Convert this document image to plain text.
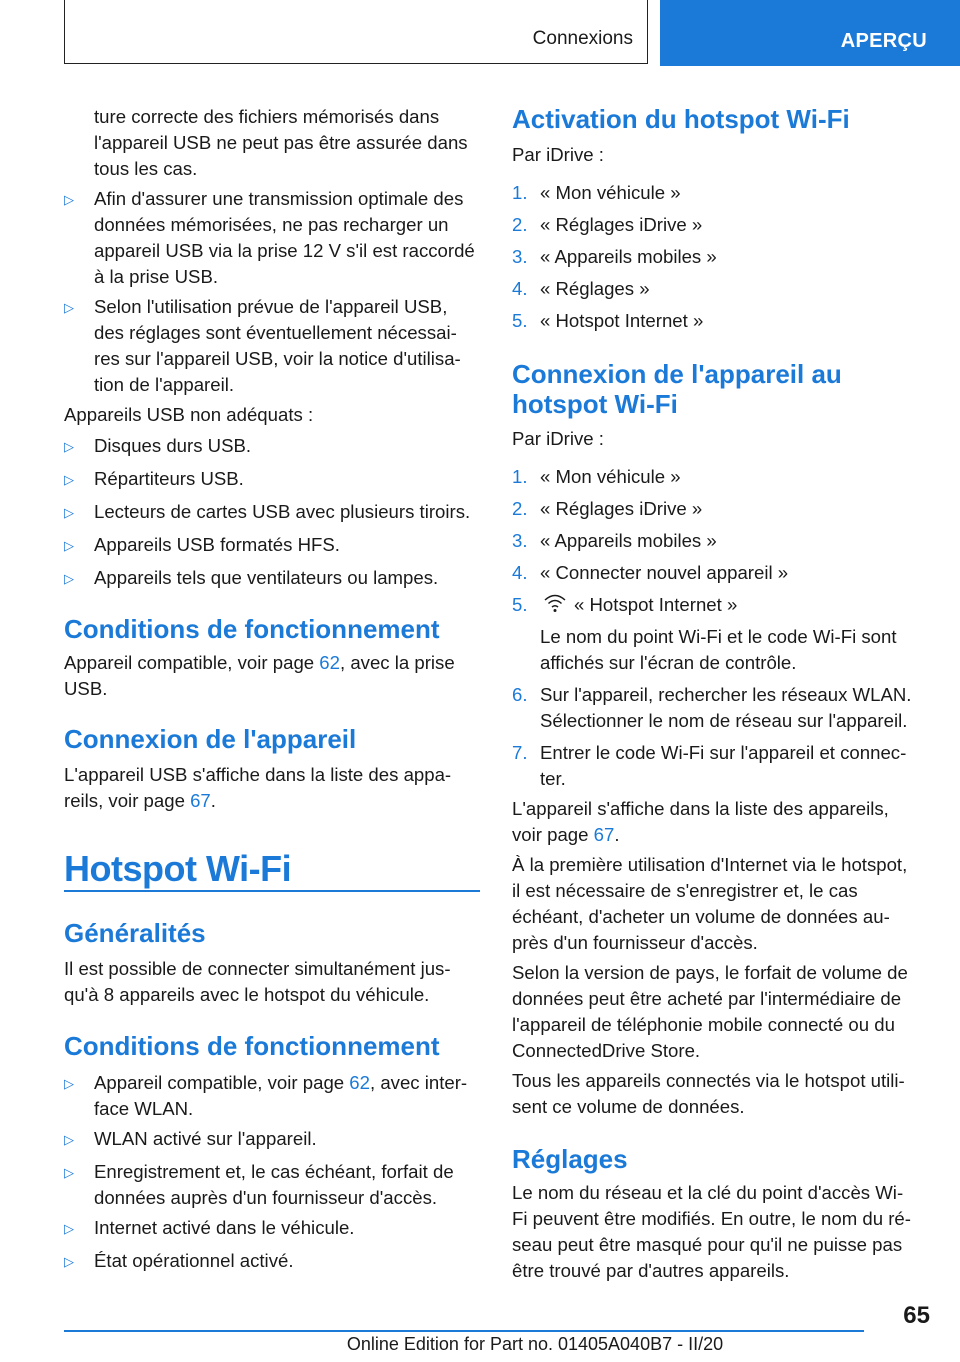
Connexions	APERÇU

ture correcte des fichiers mémorisés dans

l'appareil USB ne peut pas être assurée dans

tous les cas.

▷ Afin d'assurer une transmission optimale des

données mémorisées, ne pas recharger un

appareil USB via la prise 12 V s'il est raccordé

à la prise USB.

▷ Selon l'utilisation prévue de l'appareil USB,

des réglages sont éventuellement nécessai‐

res sur l'appareil USB, voir la notice d'utilisa‐

tion de l'appareil.

Appareils USB non adéquats :

▷ Disques durs USB.

▷ Répartiteurs USB.

▷ Lecteurs de cartes USB avec plusieurs tiroirs.

▷ Appareils USB formatés HFS.

▷ Appareils tels que ventilateurs ou lampes.

Conditions de fonctionnement

Appareil compatible, voir page 62, avec la prise

USB.

Connexion de l'appareil

L'appareil USB s'affiche dans la liste des appa‐

reils, voir page 67.

Hotspot Wi-Fi
Généralités

Il est possible de connecter simultanément jus‐

qu'à 8 appareils avec le hotspot du véhicule.

Conditions de fonctionnement
▷ Appareil compatible, voir page 62, avec inter‐

face WLAN.

▷ WLAN activé sur l'appareil.

▷ Enregistrement et, le cas échéant, forfait de

données auprès d'un fournisseur d'accès.

▷ Internet activé dans le véhicule.

▷ État opérationnel activé.

Activation du hotspot Wi-Fi

Par iDrive :

1. « Mon véhicule »

2. « Réglages iDrive »

3. « Appareils mobiles »

4. « Réglages »

5. « Hotspot Internet »

Connexion de l'appareil au
hotspot Wi-Fi

Par iDrive :

1. « Mon véhicule »

2. « Réglages iDrive »

3. « Appareils mobiles »

4. « Connecter nouvel appareil »

5. « Hotspot Internet »

Le nom du point Wi-Fi et le code Wi-Fi sont

affichés sur l'écran de contrôle.

6. Sur l'appareil, rechercher les réseaux WLAN.

Sélectionner le nom de réseau sur l'appareil.

7. Entrer le code Wi-Fi sur l'appareil et connec‐

ter.

L'appareil s'affiche dans la liste des appareils,

voir page 67.

À la première utilisation d'Internet via le hotspot,

il est nécessaire de s'enregistrer et, le cas

échéant, d'acheter un volume de données au‐

près d'un fournisseur d'accès.

Selon la version de pays, le forfait de volume de

données peut être acheté par l'intermédiaire de

l'appareil de téléphonie mobile connecté ou du

ConnectedDrive Store.

Tous les appareils connectés via le hotspot utili‐

sent ce volume de données.

Réglages

Le nom du réseau et la clé du point d'accès Wi-

Fi peuvent être modifiés. En outre, le nom du ré‐

seau peut être masqué pour qu'il ne puisse pas

être trouvé par d'autres appareils.

65
Online Edition for Part no. 01405A040B7 - II/20
